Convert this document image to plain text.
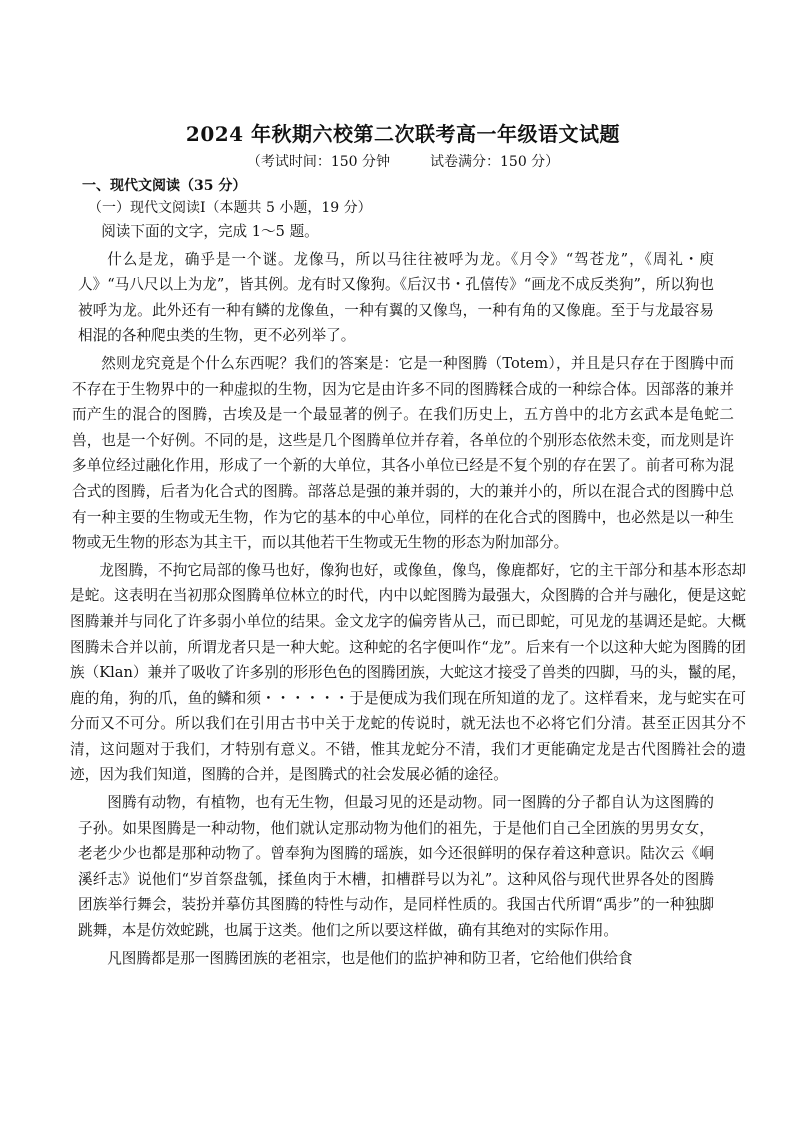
2024 年秋期六校第二次联考高一年级语文试题
（考试时间：150 分钟	试卷满分：150 分）
一、现代文阅读（35 分）
（一）现代文阅读Ⅰ（本题共 5 小题，19 分）

阅读下面的文字，完成 1～5 题。

什么是龙，确乎是一个谜。龙像马，所以马往往被呼为龙。《月令》“驾苍龙”，《周礼・庾人》“马八尺以上为龙”，皆其例。龙有时又像狗。《后汉书・孔僖传》“画龙不成反类狗”，所以狗也被呼为龙。此外还有一种有鳞的龙像鱼，一种有翼的又像鸟，一种有角的又像鹿。至于与龙最容易相混的各种爬虫类的生物，更不必列举了。

然则龙究竟是个什么东西呢？我们的答案是：它是一种图腾（Totem），并且是只存在于图腾中而不存在于生物界中的一种虚拟的生物，因为它是由许多不同的图腾糅合成的一种综合体。因部落的兼并而产生的混合的图腾，古埃及是一个最显著的例子。在我们历史上，五方兽中的北方玄武本是龟蛇二兽，也是一个好例。不同的是，这些是几个图腾单位并存着，各单位的个别形态依然未变，而龙则是许多单位经过融化作用，形成了一个新的大单位，其各小单位已经是不复个别的存在罢了。前者可称为混合式的图腾，后者为化合式的图腾。部落总是强的兼并弱的，大的兼并小的，所以在混合式的图腾中总有一种主要的生物或无生物，作为它的基本的中心单位，同样的在化合式的图腾中，也必然是以一种生物或无生物的形态为其主干，而以其他若干生物或无生物的形态为附加部分。

龙图腾，不拘它局部的像马也好，像狗也好，或像鱼，像鸟，像鹿都好，它的主干部分和基本形态却是蛇。这表明在当初那众图腾单位林立的时代，内中以蛇图腾为最强大，众图腾的合并与融化，便是这蛇图腾兼并与同化了许多弱小单位的结果。金文龙字的偏旁皆从己，而已即蛇，可见龙的基调还是蛇。大概图腾未合并以前，所谓龙者只是一种大蛇。这种蛇的名字便叫作“龙”。后来有一个以这种大蛇为图腾的团族（Klan）兼并了吸收了许多别的形形色色的图腾团族，大蛇这才接受了兽类的四脚，马的头，鬣的尾，鹿的角，狗的爪，鱼的鳞和须・・・・・・于是便成为我们现在所知道的龙了。这样看来，龙与蛇实在可分而又不可分。所以我们在引用古书中关于龙蛇的传说时，就无法也不必将它们分清。甚至正因其分不清，这问题对于我们，才特别有意义。不错，惟其龙蛇分不清，我们才更能确定龙是古代图腾社会的遗迹，因为我们知道，图腾的合并，是图腾式的社会发展必循的途径。

图腾有动物，有植物，也有无生物，但最习见的还是动物。同一图腾的分子都自认为这图腾的子孙。如果图腾是一种动物，他们就认定那动物为他们的祖先，于是他们自己全团族的男男女女，老老少少也都是那种动物了。曾奉狗为图腾的瑶族，如今还很鲜明的保存着这种意识。陆次云《峒溪纤志》说他们“岁首祭盘瓠，揉鱼肉于木槽，扣槽群号以为礼”。这种风俗与现代世界各处的图腾团族举行舞会，装扮并摹仿其图腾的特性与动作，是同样性质的。我国古代所谓“禹步”的一种独脚跳舞，本是仿效蛇跳，也属于这类。他们之所以要这样做，确有其绝对的实际作用。

凡图腾都是那一图腾团族的老祖宗，也是他们的监护神和防卫者，它给他们供给食
